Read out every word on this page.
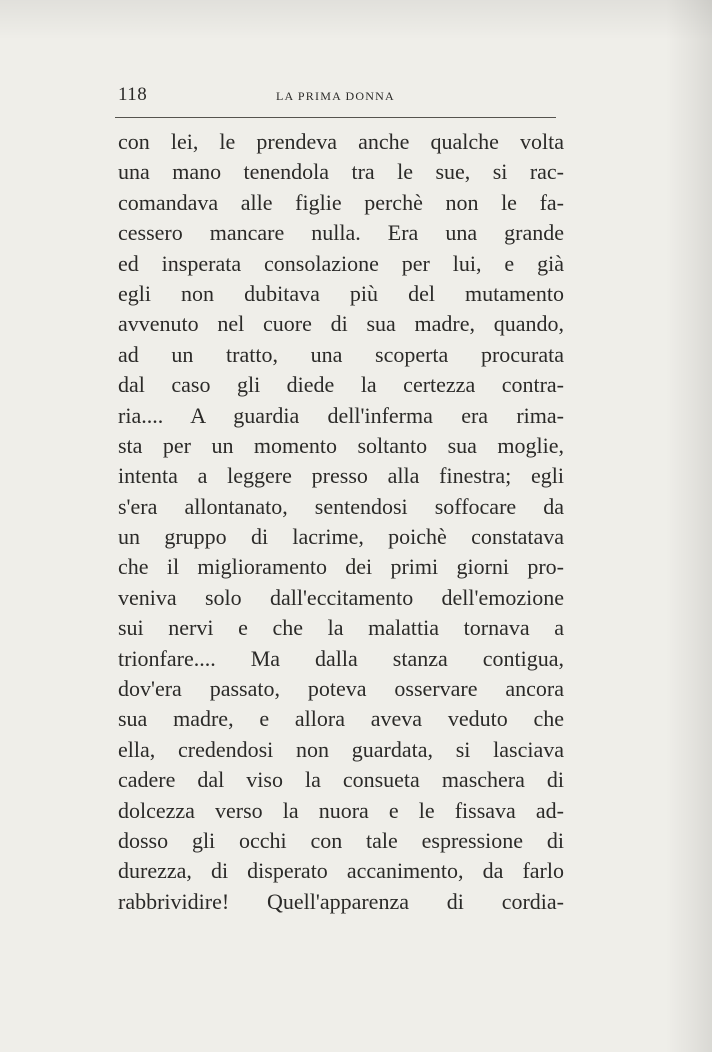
118	LA PRIMA DONNA
con lei, le prendeva anche qualche volta
una mano tenendola tra le sue, si rac-
comandava alle figlie perchè non le fa-
cessero mancare nulla. Era una grande
ed insperata consolazione per lui, e già
egli non dubitava più del mutamento
avvenuto nel cuore di sua madre, quando,
ad un tratto, una scoperta procurata
dal caso gli diede la certezza contra-
ria.... A guardia dell'inferma era rima-
sta per un momento soltanto sua moglie,
intenta a leggere presso alla finestra; egli
s'era allontanato, sentendosi soffocare da
un gruppo di lacrime, poichè constatava
che il miglioramento dei primi giorni pro-
veniva solo dall'eccitamento dell'emozione
sui nervi e che la malattia tornava a
trionfare.... Ma dalla stanza contigua,
dov'era passato, poteva osservare ancora
sua madre, e allora aveva veduto che
ella, credendosi non guardata, si lasciava
cadere dal viso la consueta maschera di
dolcezza verso la nuora e le fissava ad-
dosso gli occhi con tale espressione di
durezza, di disperato accanimento, da farlo
rabbrividire! Quell'apparenza di cordia-
